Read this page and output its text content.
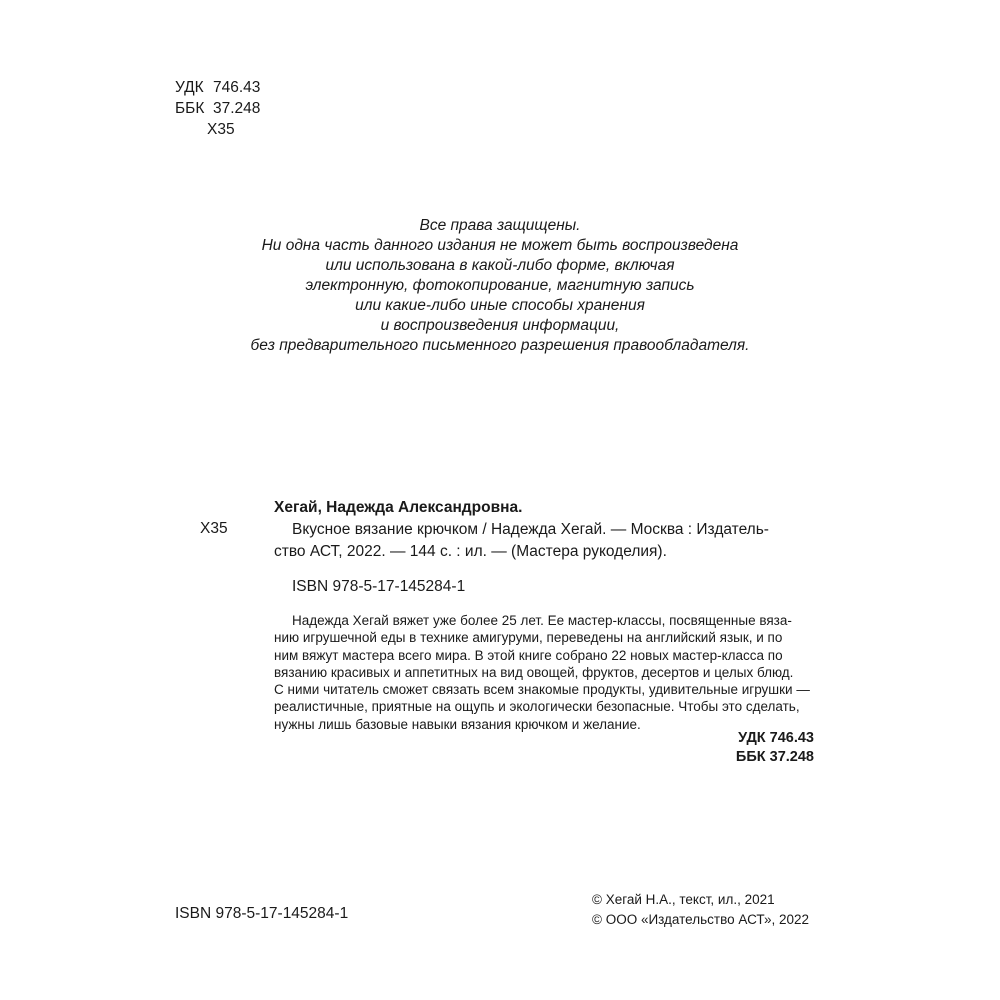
УДК 746.43
ББК 37.248
Х35
Все права защищены.
Ни одна часть данного издания не может быть воспроизведена
или использована в какой-либо форме, включая
электронную, фотокопирование, магнитную запись
или какие-либо иные способы хранения
и воспроизведения информации,
без предварительного письменного разрешения правообладателя.
Х35
Хегай, Надежда Александровна.
Вкусное вязание крючком / Надежда Хегай. — Москва : Издатель-
ство АСТ, 2022. — 144 с. : ил. — (Мастера рукоделия).
ISBN 978-5-17-145284-1
Надежда Хегай вяжет уже более 25 лет. Ее мастер-классы, посвященные вяза-
нию игрушечной еды в технике амигуруми, переведены на английский язык, и по
ним вяжут мастера всего мира. В этой книге собрано 22 новых мастер-класса по
вязанию красивых и аппетитных на вид овощей, фруктов, десертов и целых блюд.
С ними читатель сможет связать всем знакомые продукты, удивительные игрушки —
реалистичные, приятные на ощупь и экологически безопасные. Чтобы это сделать,
нужны лишь базовые навыки вязания крючком и желание.
УДК 746.43
ББК 37.248
ISBN 978-5-17-145284-1
© Хегай Н.А., текст, ил., 2021
© ООО «Издательство АСТ», 2022
